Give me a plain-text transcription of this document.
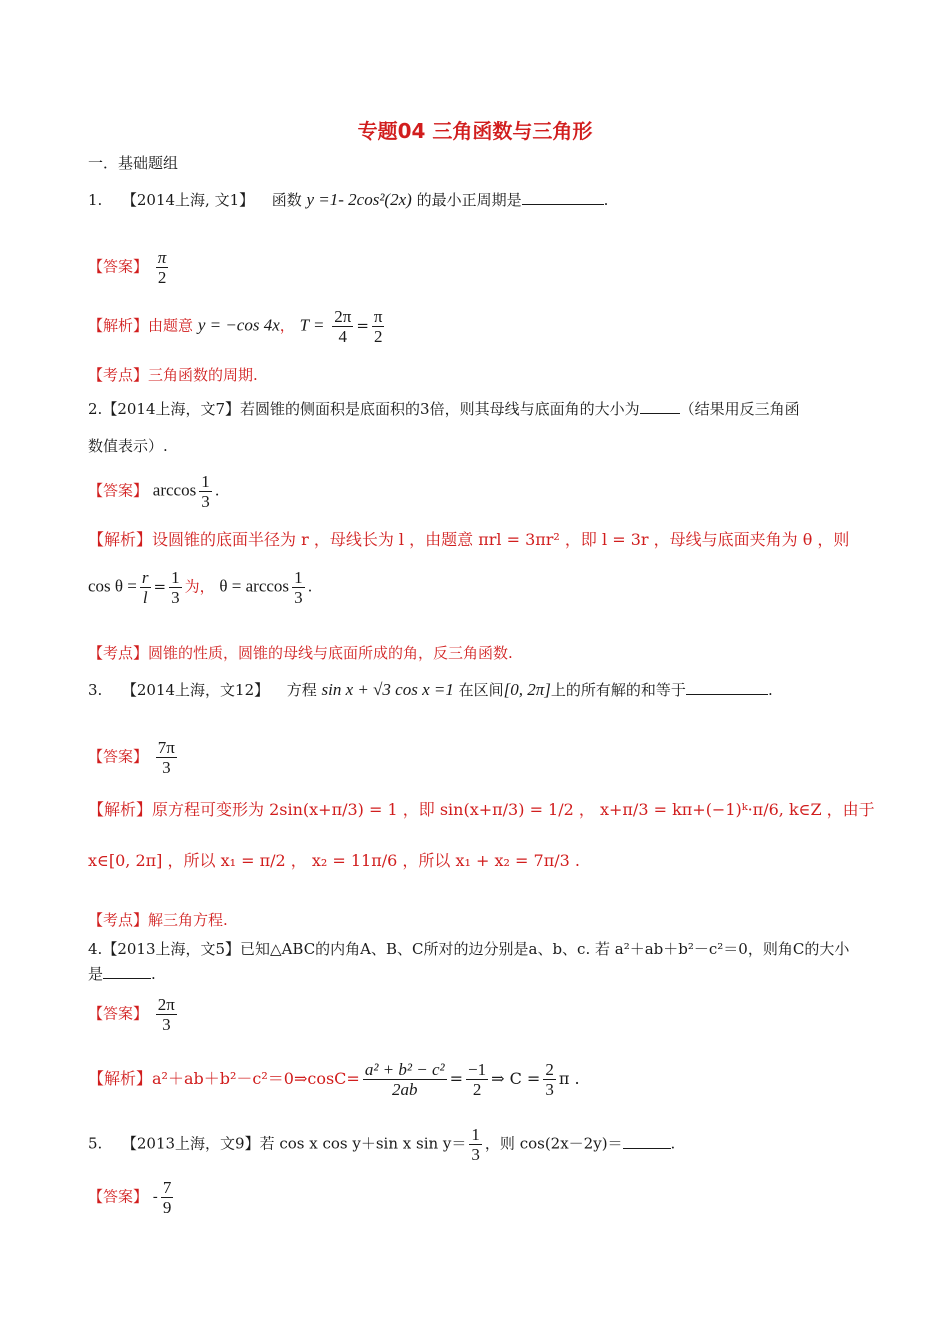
专题04 三角函数与三角形
一．基础题组
1. 【2014上海, 文1】 函数 y =1- 2cos²(2x) 的最小正周期是	.
【答案】 $\frac{\pi}{2}$
【解析】由题意 y = −cos 4x， $T = \frac{2\pi}{4} = \frac{\pi}{2}$
【考点】三角函数的周期.
2.【2014上海，文7】若圆锥的侧面积是底面积的3倍，则其母线与底面角的大小为	（结果用反三角函
数值表示）.
【答案】 $\arccos \frac{1}{3}$ .
【解析】设圆锥的底面半径为 r ，母线长为 l ，由题意 πrl = 3πr² ，即 l = 3r ，母线与底面夹角为 θ ，则
$\cos \theta = \frac{r}{l} = \frac{1}{3}$ 为， $\theta = \arccos \frac{1}{3}$ .
【考点】圆锥的性质，圆锥的母线与底面所成的角，反三角函数.
3. 【2014上海，文12】 方程 sin x + √3 cos x =1 在区间[0, 2π]上的所有解的和等于	.
【答案】 $\frac{7\pi}{3}$
【解析】原方程可变形为 2sin(x+π/3) = 1 ，即 sin(x+π/3) = 1/2 ， x+π/3 = kπ+(−1)ᵏ·π/6, k∈Z ，由于
x∈[0, 2π] ，所以 x₁ = π/2 ， x₂ = 11π/6 ，所以 x₁ + x₂ = 7π/3 .
【考点】解三角方程.
4.【2013上海，文5】已知△ABC的内角A、B、C所对的边分别是a、b、c. 若 a²＋ab＋b²－c²＝0，则角C的大小
是	.
【答案】 $\frac{2\pi}{3}$
【解析】a²＋ab＋b²－c²＝0⇒cosC= $\frac{\text{a² + b² − c²}}{2ab} = \frac{-1}{2}$ ⇒ $C = \frac{2}{3}$ π .
5. 【2013上海，文9】若 cos x cos y＋sin x $\sin y= \frac{1}{3}$ ，则 cos(2x－2y)＝	.
【答案】 - $\frac{7}{9}$
